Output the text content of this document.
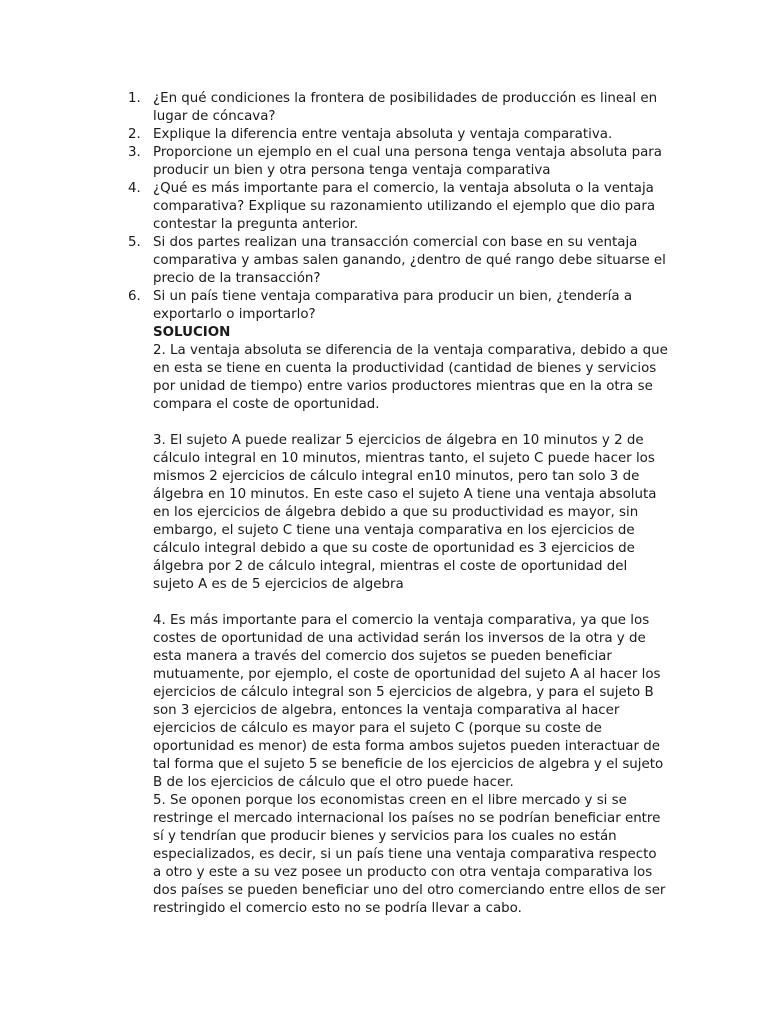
1. ¿En qué condiciones la frontera de posibilidades de producción es lineal en lugar de cóncava?
2. Explique la diferencia entre ventaja absoluta y ventaja comparativa.
3. Proporcione un ejemplo en el cual una persona tenga ventaja absoluta para producir un bien y otra persona tenga ventaja comparativa
4. ¿Qué es más importante para el comercio, la ventaja absoluta o la ventaja comparativa? Explique su razonamiento utilizando el ejemplo que dio para contestar la pregunta anterior.
5. Si dos partes realizan una transacción comercial con base en su ventaja comparativa y ambas salen ganando, ¿dentro de qué rango debe situarse el precio de la transacción?
6. Si un país tiene ventaja comparativa para producir un bien, ¿tendería a exportarlo o importarlo?

SOLUCION

2. La ventaja absoluta se diferencia de la ventaja comparativa, debido a que en esta se tiene en cuenta la productividad (cantidad de bienes y servicios por unidad de tiempo) entre varios productores mientras que en la otra se compara el coste de oportunidad.

3. El sujeto A puede realizar 5 ejercicios de álgebra en 10 minutos y 2 de cálculo integral en 10 minutos, mientras tanto, el sujeto C puede hacer los mismos 2 ejercicios de cálculo integral en10 minutos, pero tan solo 3 de álgebra en 10 minutos. En este caso el sujeto A tiene una ventaja absoluta en los ejercicios de álgebra debido a que su productividad es mayor, sin embargo, el sujeto C tiene una ventaja comparativa en los ejercicios de cálculo integral debido a que su coste de oportunidad es 3 ejercicios de álgebra por 2 de cálculo integral, mientras el coste de oportunidad del sujeto A es de 5 ejercicios de algebra

4. Es más importante para el comercio la ventaja comparativa, ya que los costes de oportunidad de una actividad serán los inversos de la otra y de esta manera a través del comercio dos sujetos se pueden beneficiar mutuamente, por ejemplo, el coste de oportunidad del sujeto A al hacer los ejercicios de cálculo integral son 5 ejercicios de algebra, y para el sujeto B son 3 ejercicios de algebra, entonces la ventaja comparativa al hacer ejercicios de cálculo es mayor para el sujeto C (porque su coste de oportunidad es menor) de esta forma ambos sujetos pueden interactuar de tal forma que el sujeto 5 se beneficie de los ejercicios de algebra y el sujeto B de los ejercicios de cálculo que el otro puede hacer.

5. Se oponen porque los economistas creen en el libre mercado y si se restringe el mercado internacional los países no se podrían beneficiar entre sí y tendrían que producir bienes y servicios para los cuales no están especializados, es decir, si un país tiene una ventaja comparativa respecto a otro y este a su vez posee un producto con otra ventaja comparativa los dos países se pueden beneficiar uno del otro comerciando entre ellos de ser restringido el comercio esto no se podría llevar a cabo.
